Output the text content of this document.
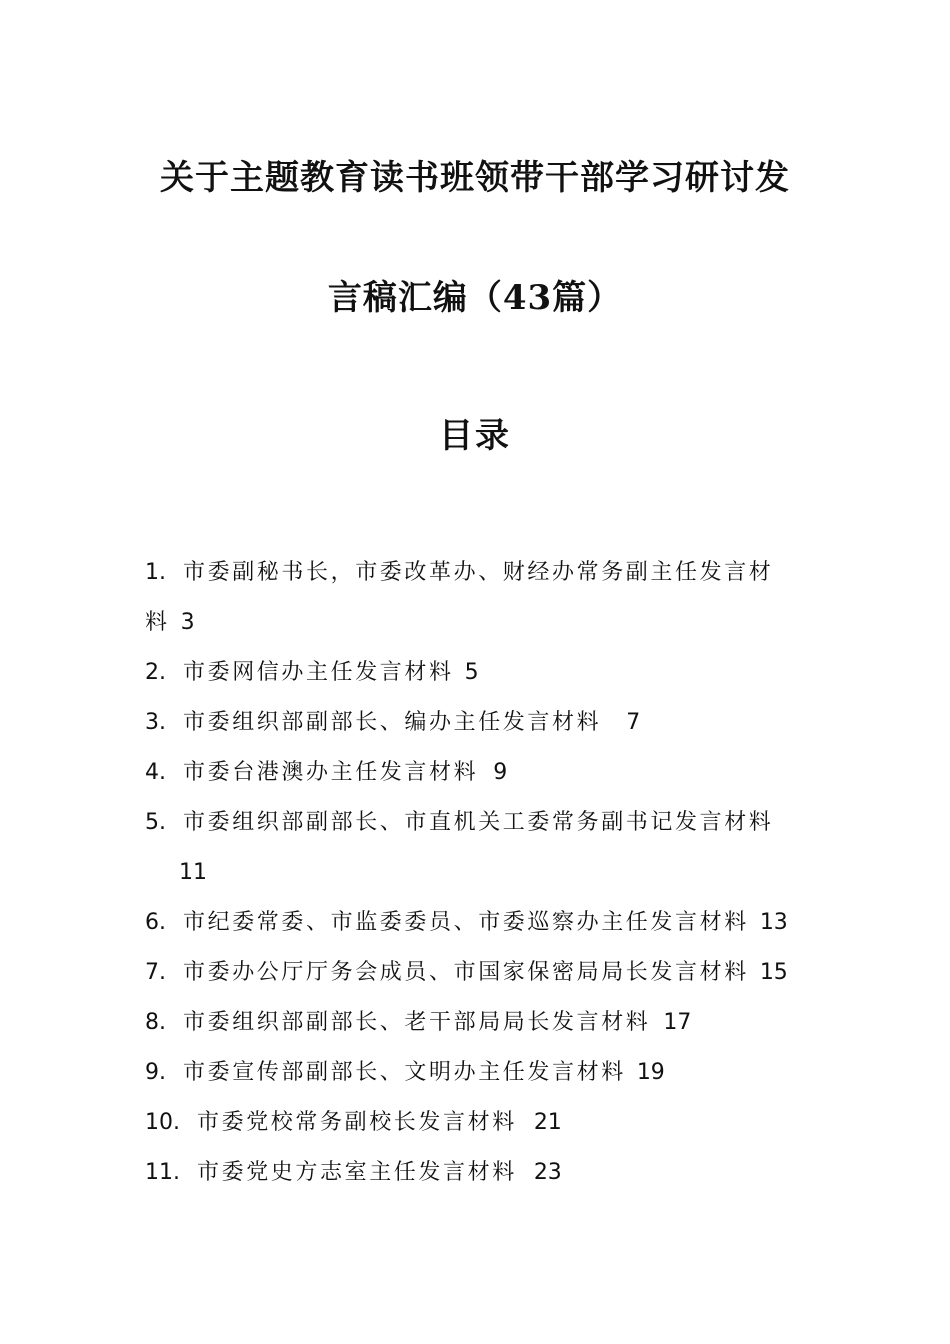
关于主题教育读书班领带干部学习研讨发
言稿汇编（43篇）
目录
1. 市委副秘书长，市委改革办、财经办常务副主任发言材
料 3
2. 市委网信办主任发言材料 5
3. 市委组织部副部长、编办主任发言材料 7
4. 市委台港澳办主任发言材料 9
5. 市委组织部副部长、市直机关工委常务副书记发言材料
11
6. 市纪委常委、市监委委员、市委巡察办主任发言材料 13
7. 市委办公厅厅务会成员、市国家保密局局长发言材料 15
8. 市委组织部副部长、老干部局局长发言材料 17
9. 市委宣传部副部长、文明办主任发言材料 19
10. 市委党校常务副校长发言材料 21
11. 市委党史方志室主任发言材料 23
